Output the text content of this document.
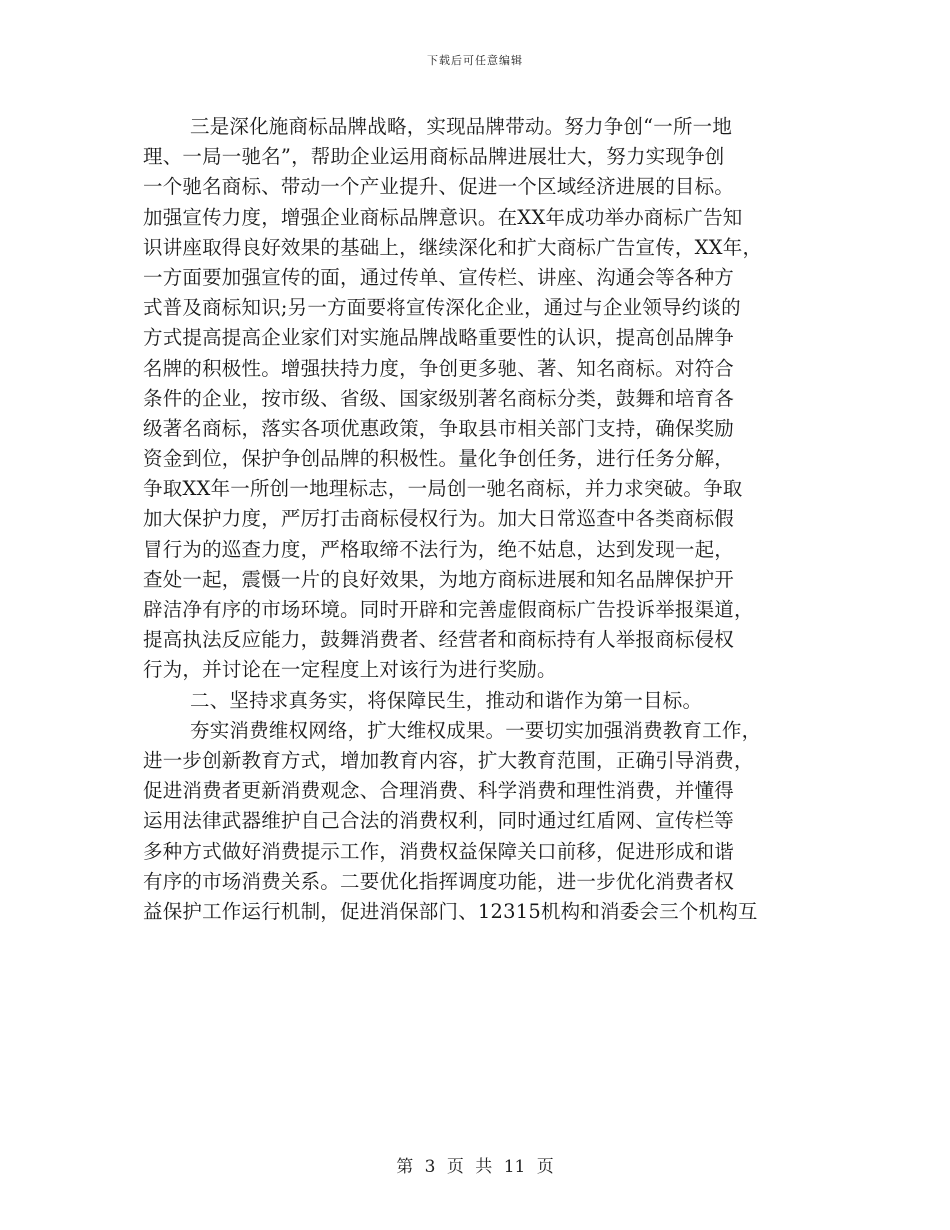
下载后可任意编辑
三是深化施商标品牌战略，实现品牌带动。努力争创“一所一地
理、一局一驰名”，帮助企业运用商标品牌进展壮大，努力实现争创
一个驰名商标、带动一个产业提升、促进一个区域经济进展的目标。
加强宣传力度，增强企业商标品牌意识。在XX年成功举办商标广告知
识讲座取得良好效果的基础上，继续深化和扩大商标广告宣传，XX年，
一方面要加强宣传的面，通过传单、宣传栏、讲座、沟通会等各种方
式普及商标知识;另一方面要将宣传深化企业，通过与企业领导约谈的
方式提高提高企业家们对实施品牌战略重要性的认识，提高创品牌争
名牌的积极性。增强扶持力度，争创更多驰、著、知名商标。对符合
条件的企业，按市级、省级、国家级别著名商标分类，鼓舞和培育各
级著名商标，落实各项优惠政策，争取县市相关部门支持，确保奖励
资金到位，保护争创品牌的积极性。量化争创任务，进行任务分解，
争取XX年一所创一地理标志，一局创一驰名商标，并力求突破。争取
加大保护力度，严厉打击商标侵权行为。加大日常巡查中各类商标假
冒行为的巡查力度，严格取缔不法行为，绝不姑息，达到发现一起，
查处一起，震慑一片的良好效果，为地方商标进展和知名品牌保护开
辟洁净有序的市场环境。同时开辟和完善虚假商标广告投诉举报渠道，
提高执法反应能力，鼓舞消费者、经营者和商标持有人举报商标侵权
行为，并讨论在一定程度上对该行为进行奖励。
二、坚持求真务实，将保障民生，推动和谐作为第一目标。
夯实消费维权网络，扩大维权成果。一要切实加强消费教育工作，
进一步创新教育方式，增加教育内容，扩大教育范围，正确引导消费，
促进消费者更新消费观念、合理消费、科学消费和理性消费，并懂得
运用法律武器维护自己合法的消费权利，同时通过红盾网、宣传栏等
多种方式做好消费提示工作，消费权益保障关口前移，促进形成和谐
有序的市场消费关系。二要优化指挥调度功能，进一步优化消费者权
益保护工作运行机制，促进消保部门、12315机构和消委会三个机构互
第 3 页 共 11 页
